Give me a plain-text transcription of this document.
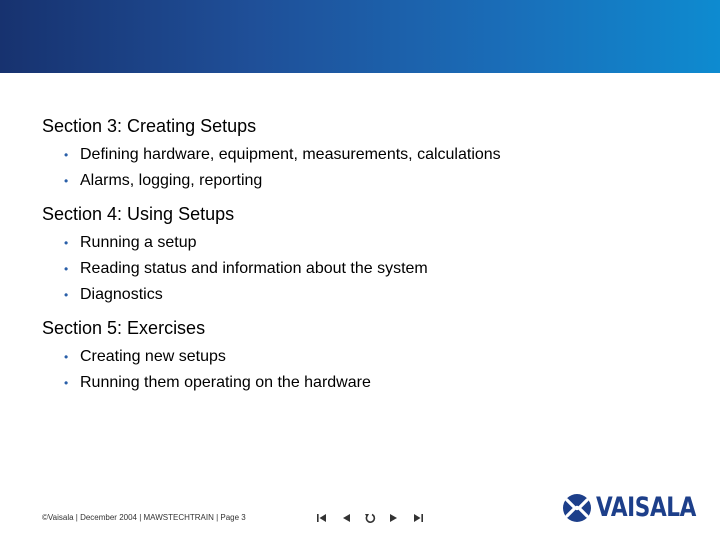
Section 3: Creating Setups
• Defining hardware, equipment, measurements, calculations
• Alarms, logging, reporting
Section 4: Using Setups
• Running a setup
• Reading status and information about the system
• Diagnostics
Section 5: Exercises
• Creating new setups
• Running them operating on the hardware
©Vaisala | December 2004 | MAWSTECHTRAIN | Page 3	VAISALA
